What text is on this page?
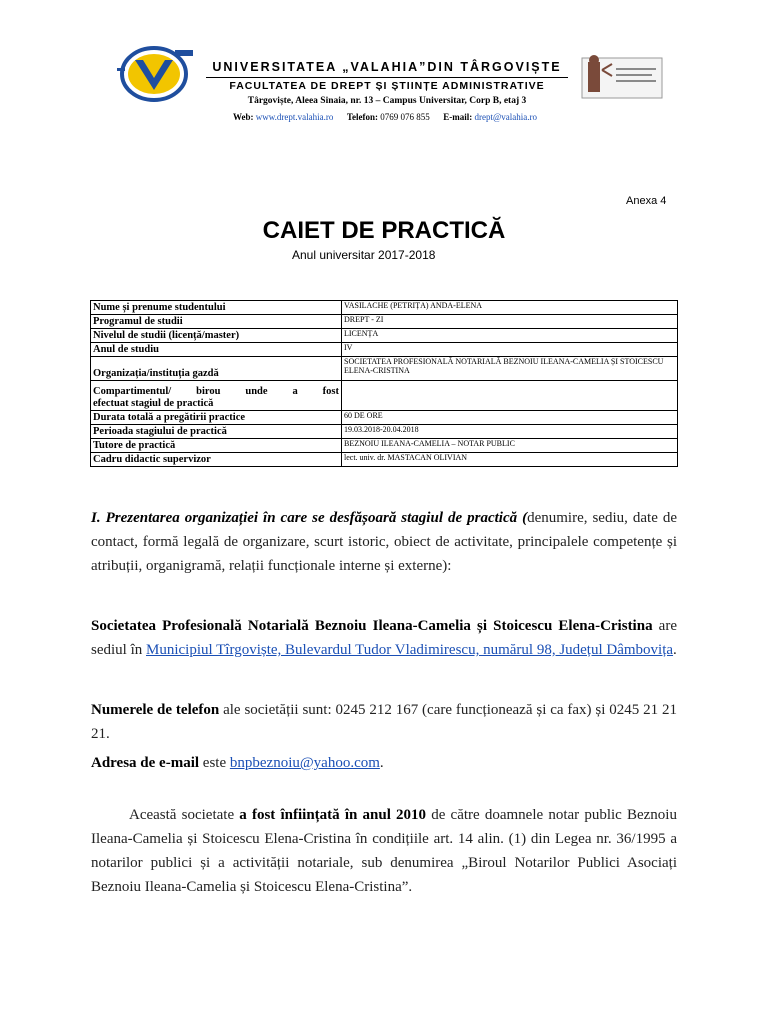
UNIVERSITATEA „VALAHIA”DIN TÂRGOVIȘTE
FACULTATEA DE DREPT ȘI ȘTIINȚE ADMINISTRATIVE
Târgoviște, Aleea Sinaia, nr. 13 – Campus Universitar, Corp B, etaj 3
Web: www.drept.valahia.ro Telefon: 0769 076 855 E-mail: drept@valahia.ro
Anexa 4
CAIET DE PRACTICĂ
Anul universitar 2017-2018
Nume și prenume studentului	VASILACHE (PETRIȚA) ANDA-ELENA
Programul de studii	DREPT - ZI
Nivelul de studii (licență/master)	LICENȚA
Anul de studiu	IV
Organizația/instituția gazdă	SOCIETATEA PROFESIONALĂ NOTARIALĂ BEZNOIU ILEANA-CAMELIA ȘI STOICESCU ELENA-CRISTINA

Compartimentul/ birou unde a fost
efectuat stagiul de practică	
Durata totală a pregătirii practice	60 DE ORE
Perioada stagiului de practică	19.03.2018-20.04.2018
Tutore de practică	BEZNOIU ILEANA-CAMELIA – NOTAR PUBLIC
Cadru didactic supervizor	lect. univ. dr. MASTACAN OLIVIAN
I. Prezentarea organizației în care se desfășoară stagiul de practică (denumire, sediu, date de contact, formă legală de organizare, scurt istoric, obiect de activitate, principalele competențe și atribuții, organigramă, relații funcționale interne și externe):
Societatea Profesională Notarială Beznoiu Ileana-Camelia și Stoicescu Elena-Cristina are sediul în Municipiul Tîrgoviște, Bulevardul Tudor Vladimirescu, numărul 98, Județul Dâmbovița.
Numerele de telefon ale societății sunt: 0245 212 167 (care funcționează și ca fax) și 0245 21 21 21.
Adresa de e-mail este bnpbeznoiu@yahoo.com.
Această societate a fost înființată în anul 2010 de către doamnele notar public Beznoiu Ileana-Camelia și Stoicescu Elena-Cristina în condițiile art. 14 alin. (1) din Legea nr. 36/1995 a notarilor publici și a activității notariale, sub denumirea „Biroul Notarilor Publici Asociați Beznoiu Ileana-Camelia și Stoicescu Elena-Cristina”.
